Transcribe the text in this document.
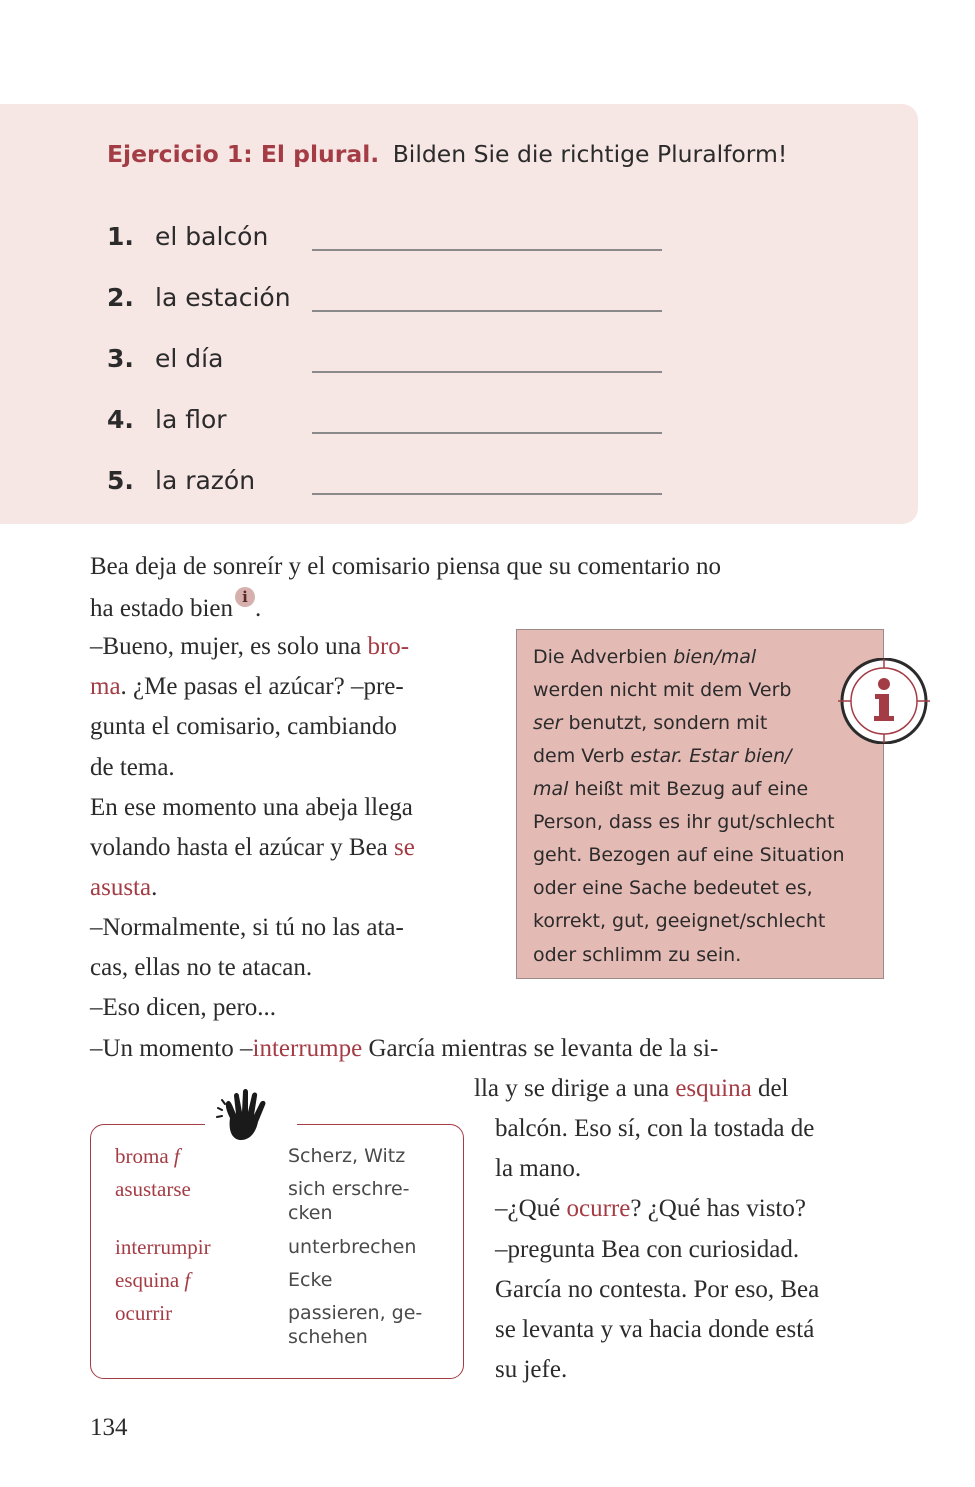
Ejercicio 1: El plural. Bilden Sie die richtige Pluralform!
1. el balcón
2. la estación
3. el día
4. la flor
5. la razón
Bea deja de sonreír y el comisario piensa que su comentario no
ha estado bien i .
–Bueno, mujer, es solo una bro-
ma. ¿Me pasas el azúcar? –pre-
gunta el comisario, cambiando
de tema.
En ese momento una abeja llega
volando hasta el azúcar y Bea se
asusta.
–Normalmente, si tú no las ata-
cas, ellas no te atacan.
–Eso dicen, pero...
–Un momento –interrumpe García mientras se levanta de la si-
lla y se dirige a una esquina del
balcón. Eso sí, con la tostada de
la mano.
–¿Qué ocurre? ¿Qué has visto?
–pregunta Bea con curiosidad.
García no contesta. Por eso, Bea
se levanta y va hacia donde está
su jefe.
Die Adverbien bien/mal
werden nicht mit dem Verb
ser benutzt, sondern mit
dem Verb estar. Estar bien/
mal heißt mit Bezug auf eine
Person, dass es ihr gut/schlecht
geht. Bezogen auf eine Situation
oder eine Sache bedeutet es,
korrekt, gut, geeignet/schlecht
oder schlimm zu sein.
broma f	Scherz, Witz
asustarse	sich erschre-
cken
interrumpir	unterbrechen
esquina f	Ecke
ocurrir	passieren, ge-
schehen
134
